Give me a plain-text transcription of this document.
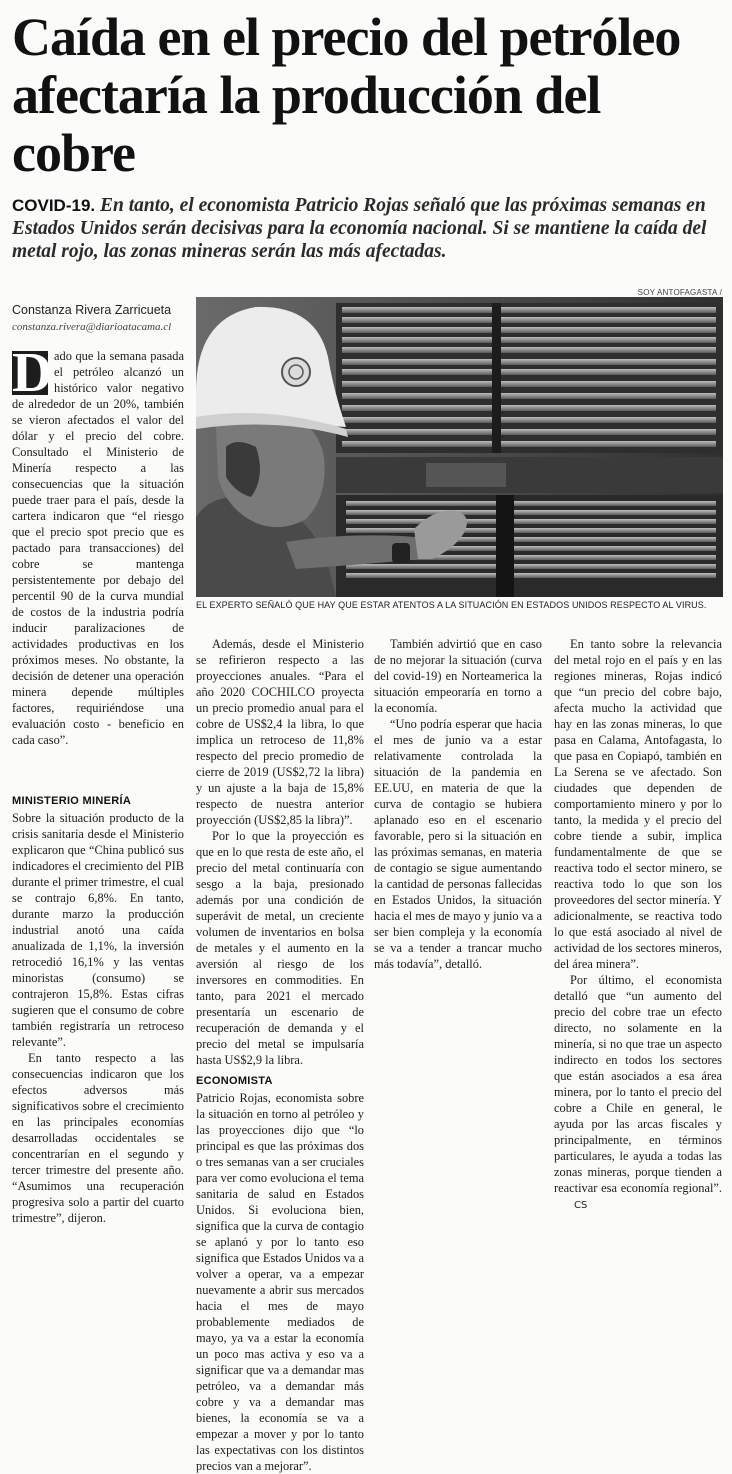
Caída en el precio del petróleo afectaría la producción del cobre
COVID-19. En tanto, el economista Patricio Rojas señaló que las próximas semanas en Estados Unidos serán decisivas para la economía nacional. Si se mantiene la caída del metal rojo, las zonas mineras serán las más afectadas.
Constanza Rivera Zarricueta
constanza.rivera@diarioatacama.cl
SOY ANTOFAGASTA /
EL EXPERTO SEÑALÓ QUE HAY QUE ESTAR ATENTOS A LA SITUACIÓN EN ESTADOS UNIDOS RESPECTO AL VIRUS.
D ado que la semana pasada el petróleo alcanzó un histórico valor negativo de alrededor de un 20%, también se vieron afectados el valor del dólar y el precio del cobre. Consultado el Ministerio de Minería respecto a las consecuencias que la situación puede traer para el país, desde la cartera indicaron que “el riesgo que el precio spot precio que es pactado para transacciones) del cobre se mantenga persistentemente por debajo del percentil 90 de la curva mundial de costos de la industria podría inducir paralizaciones de actividades productivas en los próximos meses. No obstante, la decisión de detener una operación minera depende múltiples factores, requiriéndose una evaluación costo - beneficio en cada caso”.

MINISTERIO MINERÍA

Sobre la situación producto de la crisis sanitaria desde el Ministerio explicaron que “China publicó sus indicadores el crecimiento del PIB durante el primer trimestre, el cual se contrajo 6,8%. En tanto, durante marzo la producción industrial anotó una caída anualizada de 1,1%, la inversión retrocedió 16,1% y las ventas minoristas (consumo) se contrajeron 15,8%. Estas cifras sugieren que el consumo de cobre también registraría un retroceso relevante”.

En tanto respecto a las consecuencias indicaron que los efectos adversos más significativos sobre el crecimiento en las principales economías desarrolladas occidentales se concentrarían en el segundo y tercer trimestre del presente año. “Asumimos una recuperación progresiva solo a partir del cuarto trimestre”, dijeron.

Además, desde el Ministerio se refirieron respecto a las proyecciones anuales. “Para el año 2020 COCHILCO proyecta un precio promedio anual para el cobre de US$2,4 la libra, lo que implica un retroceso de 11,8% respecto del precio promedio de cierre de 2019 (US$2,72 la libra) y un ajuste a la baja de 15,8% respecto de nuestra anterior proyección (US$2,85 la libra)”.

Por lo que la proyección es que en lo que resta de este año, el precio del metal continuaría con sesgo a la baja, presionado además por una condición de superávit de metal, un creciente volumen de inventarios en bolsa de metales y el aumento en la aversión al riesgo de los inversores en commodities. En tanto, para 2021 el mercado presentaría un escenario de recuperación de demanda y el precio del metal se impulsaría hasta US$2,9 la libra.

ECONOMISTA

Patricio Rojas, economista sobre la situación en torno al petróleo y las proyecciones dijo que “lo principal es que las próximas dos o tres semanas van a ser cruciales para ver como evoluciona el tema sanitaria de salud en Estados Unidos. Si evoluciona bien, significa que la curva de contagio se aplanó y por lo tanto eso significa que Estados Unidos va a volver a operar, va a empezar nuevamente a abrir sus mercados hacia el mes de mayo probablemente mediados de mayo, ya va a estar la economía un poco mas activa y eso va a significar que va a demandar mas petróleo, va a demandar más cobre y va a demandar mas bienes, la economía se va a empezar a mover y por lo tanto las expectativas con los distintos precios van a mejorar”.

También advirtió que en caso de no mejorar la situación (curva del covid-19) en Norteamerica la situación empeoraría en torno a la economía.

“Uno podría esperar que hacia el mes de junio va a estar relativamente controlada la situación de la pandemia en EE.UU, en materia de que la curva de contagio se hubiera aplanado eso en el escenario favorable, pero si la situación en las próximas semanas, en materia de contagio se sigue aumentando la cantidad de personas fallecidas en Estados Unidos, la situación hacia el mes de mayo y junio va a ser bien compleja y la economía se va a tender a trancar mucho más todavía”, detalló.

En tanto sobre la relevancia del metal rojo en el país y en las regiones mineras, Rojas indicó que “un precio del cobre bajo, afecta mucho la actividad que hay en las zonas mineras, lo que pasa en Calama, Antofagasta, lo que pasa en Copiapó, también en La Serena se ve afectado. Son ciudades que dependen de comportamiento minero y por lo tanto, la medida y el precio del cobre tiende a subir, implica fundamentalmente de que se reactiva todo el sector minero, se reactiva todo lo que son los proveedores del sector minería. Y adicionalmente, se reactiva todo lo que está asociado al nivel de actividad de los sectores mineros, del área minera”.

Por último, el economista detalló que “un aumento del precio del cobre trae un efecto directo, no solamente en la minería, si no que trae un aspecto indirecto en todos los sectores que están asociados a esa área minera, por lo tanto el precio del cobre a Chile en general, le ayuda por las arcas fiscales y principalmente, en términos particulares, le ayuda a todas las zonas mineras, porque tienden a reactivar esa economía regional”.CS
